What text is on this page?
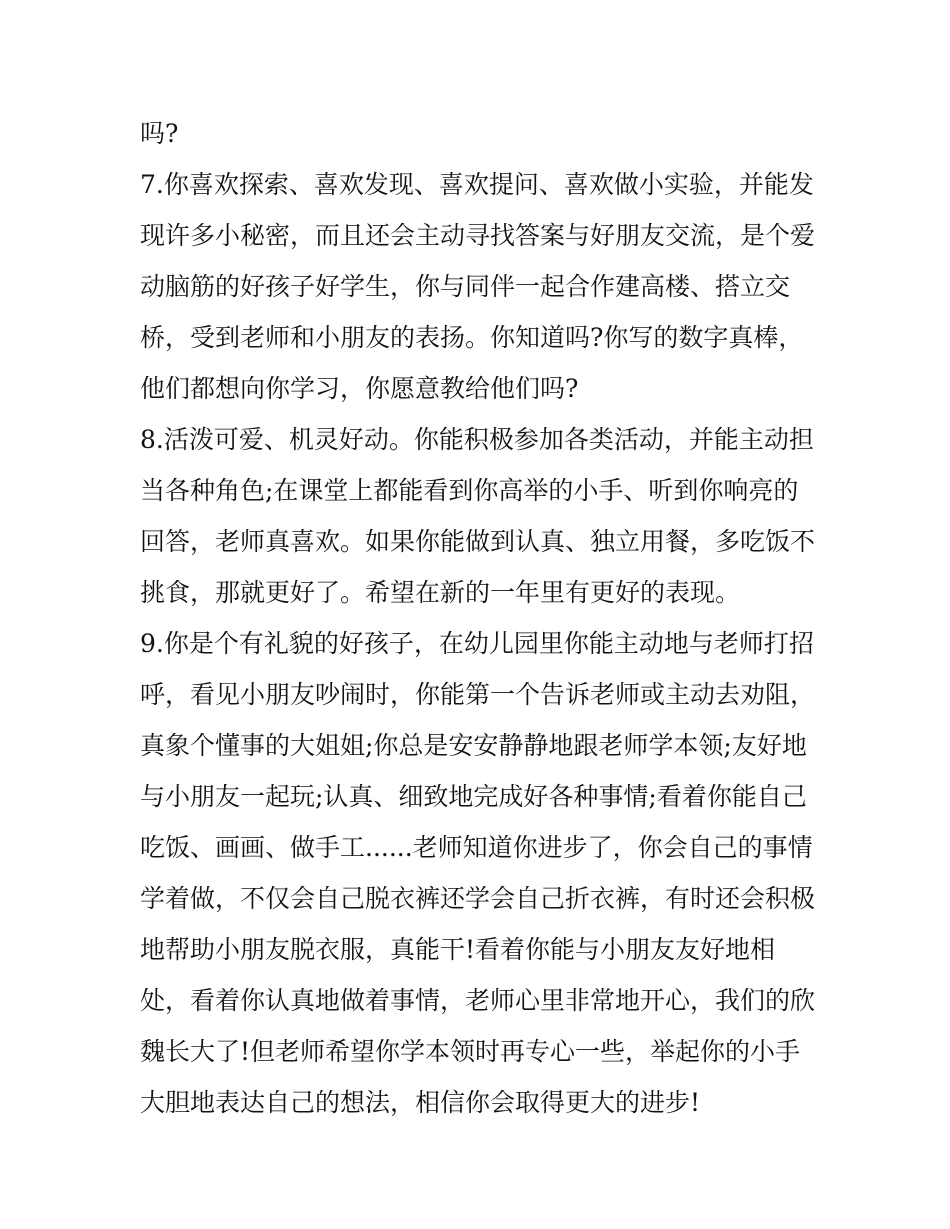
吗?
7.你喜欢探索、喜欢发现、喜欢提问、喜欢做小实验，并能发
现许多小秘密，而且还会主动寻找答案与好朋友交流，是个爱
动脑筋的好孩子好学生，你与同伴一起合作建高楼、搭立交
桥，受到老师和小朋友的表扬。你知道吗?你写的数字真棒，
他们都想向你学习，你愿意教给他们吗?
8.活泼可爱、机灵好动。你能积极参加各类活动，并能主动担
当各种角色;在课堂上都能看到你高举的小手、听到你响亮的
回答，老师真喜欢。如果你能做到认真、独立用餐，多吃饭不
挑食，那就更好了。希望在新的一年里有更好的表现。
9.你是个有礼貌的好孩子，在幼儿园里你能主动地与老师打招
呼，看见小朋友吵闹时，你能第一个告诉老师或主动去劝阻，
真象个懂事的大姐姐;你总是安安静静地跟老师学本领;友好地
与小朋友一起玩;认真、细致地完成好各种事情;看着你能自己
吃饭、画画、做手工......老师知道你进步了，你会自己的事情
学着做，不仅会自己脱衣裤还学会自己折衣裤，有时还会积极
地帮助小朋友脱衣服，真能干!看着你能与小朋友友好地相
处，看着你认真地做着事情，老师心里非常地开心，我们的欣
魏长大了!但老师希望你学本领时再专心一些，举起你的小手
大胆地表达自己的想法，相信你会取得更大的进步!
